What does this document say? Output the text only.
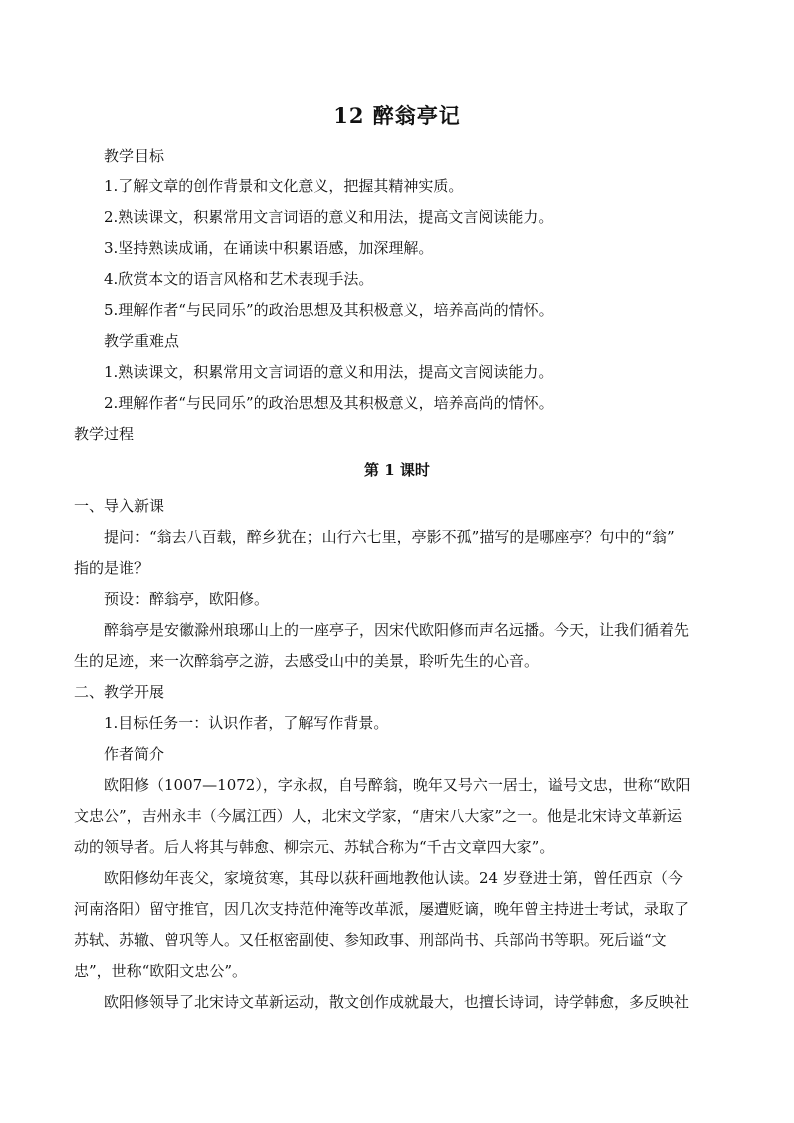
12 醉翁亭记
教学目标
1.了解文章的创作背景和文化意义，把握其精神实质。
2.熟读课文，积累常用文言词语的意义和用法，提高文言阅读能力。
3.坚持熟读成诵，在诵读中积累语感，加深理解。
4.欣赏本文的语言风格和艺术表现手法。
5.理解作者“与民同乐”的政治思想及其积极意义，培养高尚的情怀。
教学重难点
1.熟读课文，积累常用文言词语的意义和用法，提高文言阅读能力。
2.理解作者“与民同乐”的政治思想及其积极意义，培养高尚的情怀。
教学过程
第 1 课时
一、导入新课
提问：“翁去八百载，醉乡犹在；山行六七里，亭影不孤”描写的是哪座亭？句中的“翁”
指的是谁？
预设：醉翁亭，欧阳修。
醉翁亭是安徽滁州琅琊山上的一座亭子，因宋代欧阳修而声名远播。今天，让我们循着先
生的足迹，来一次醉翁亭之游，去感受山中的美景，聆听先生的心音。
二、教学开展
1.目标任务一：认识作者，了解写作背景。
作者简介
欧阳修（1007—1072），字永叔，自号醉翁，晚年又号六一居士，谥号文忠，世称“欧阳
文忠公”，吉州永丰（今属江西）人，北宋文学家，“唐宋八大家”之一。他是北宋诗文革新运
动的领导者。后人将其与韩愈、柳宗元、苏轼合称为“千古文章四大家”。
欧阳修幼年丧父，家境贫寒，其母以荻秆画地教他认读。24 岁登进士第，曾任西京（今
河南洛阳）留守推官，因几次支持范仲淹等改革派，屡遭贬谪，晚年曾主持进士考试，录取了
苏轼、苏辙、曾巩等人。又任枢密副使、参知政事、刑部尚书、兵部尚书等职。死后谥“文
忠”，世称“欧阳文忠公”。
欧阳修领导了北宋诗文革新运动，散文创作成就最大，也擅长诗词，诗学韩愈，多反映社
